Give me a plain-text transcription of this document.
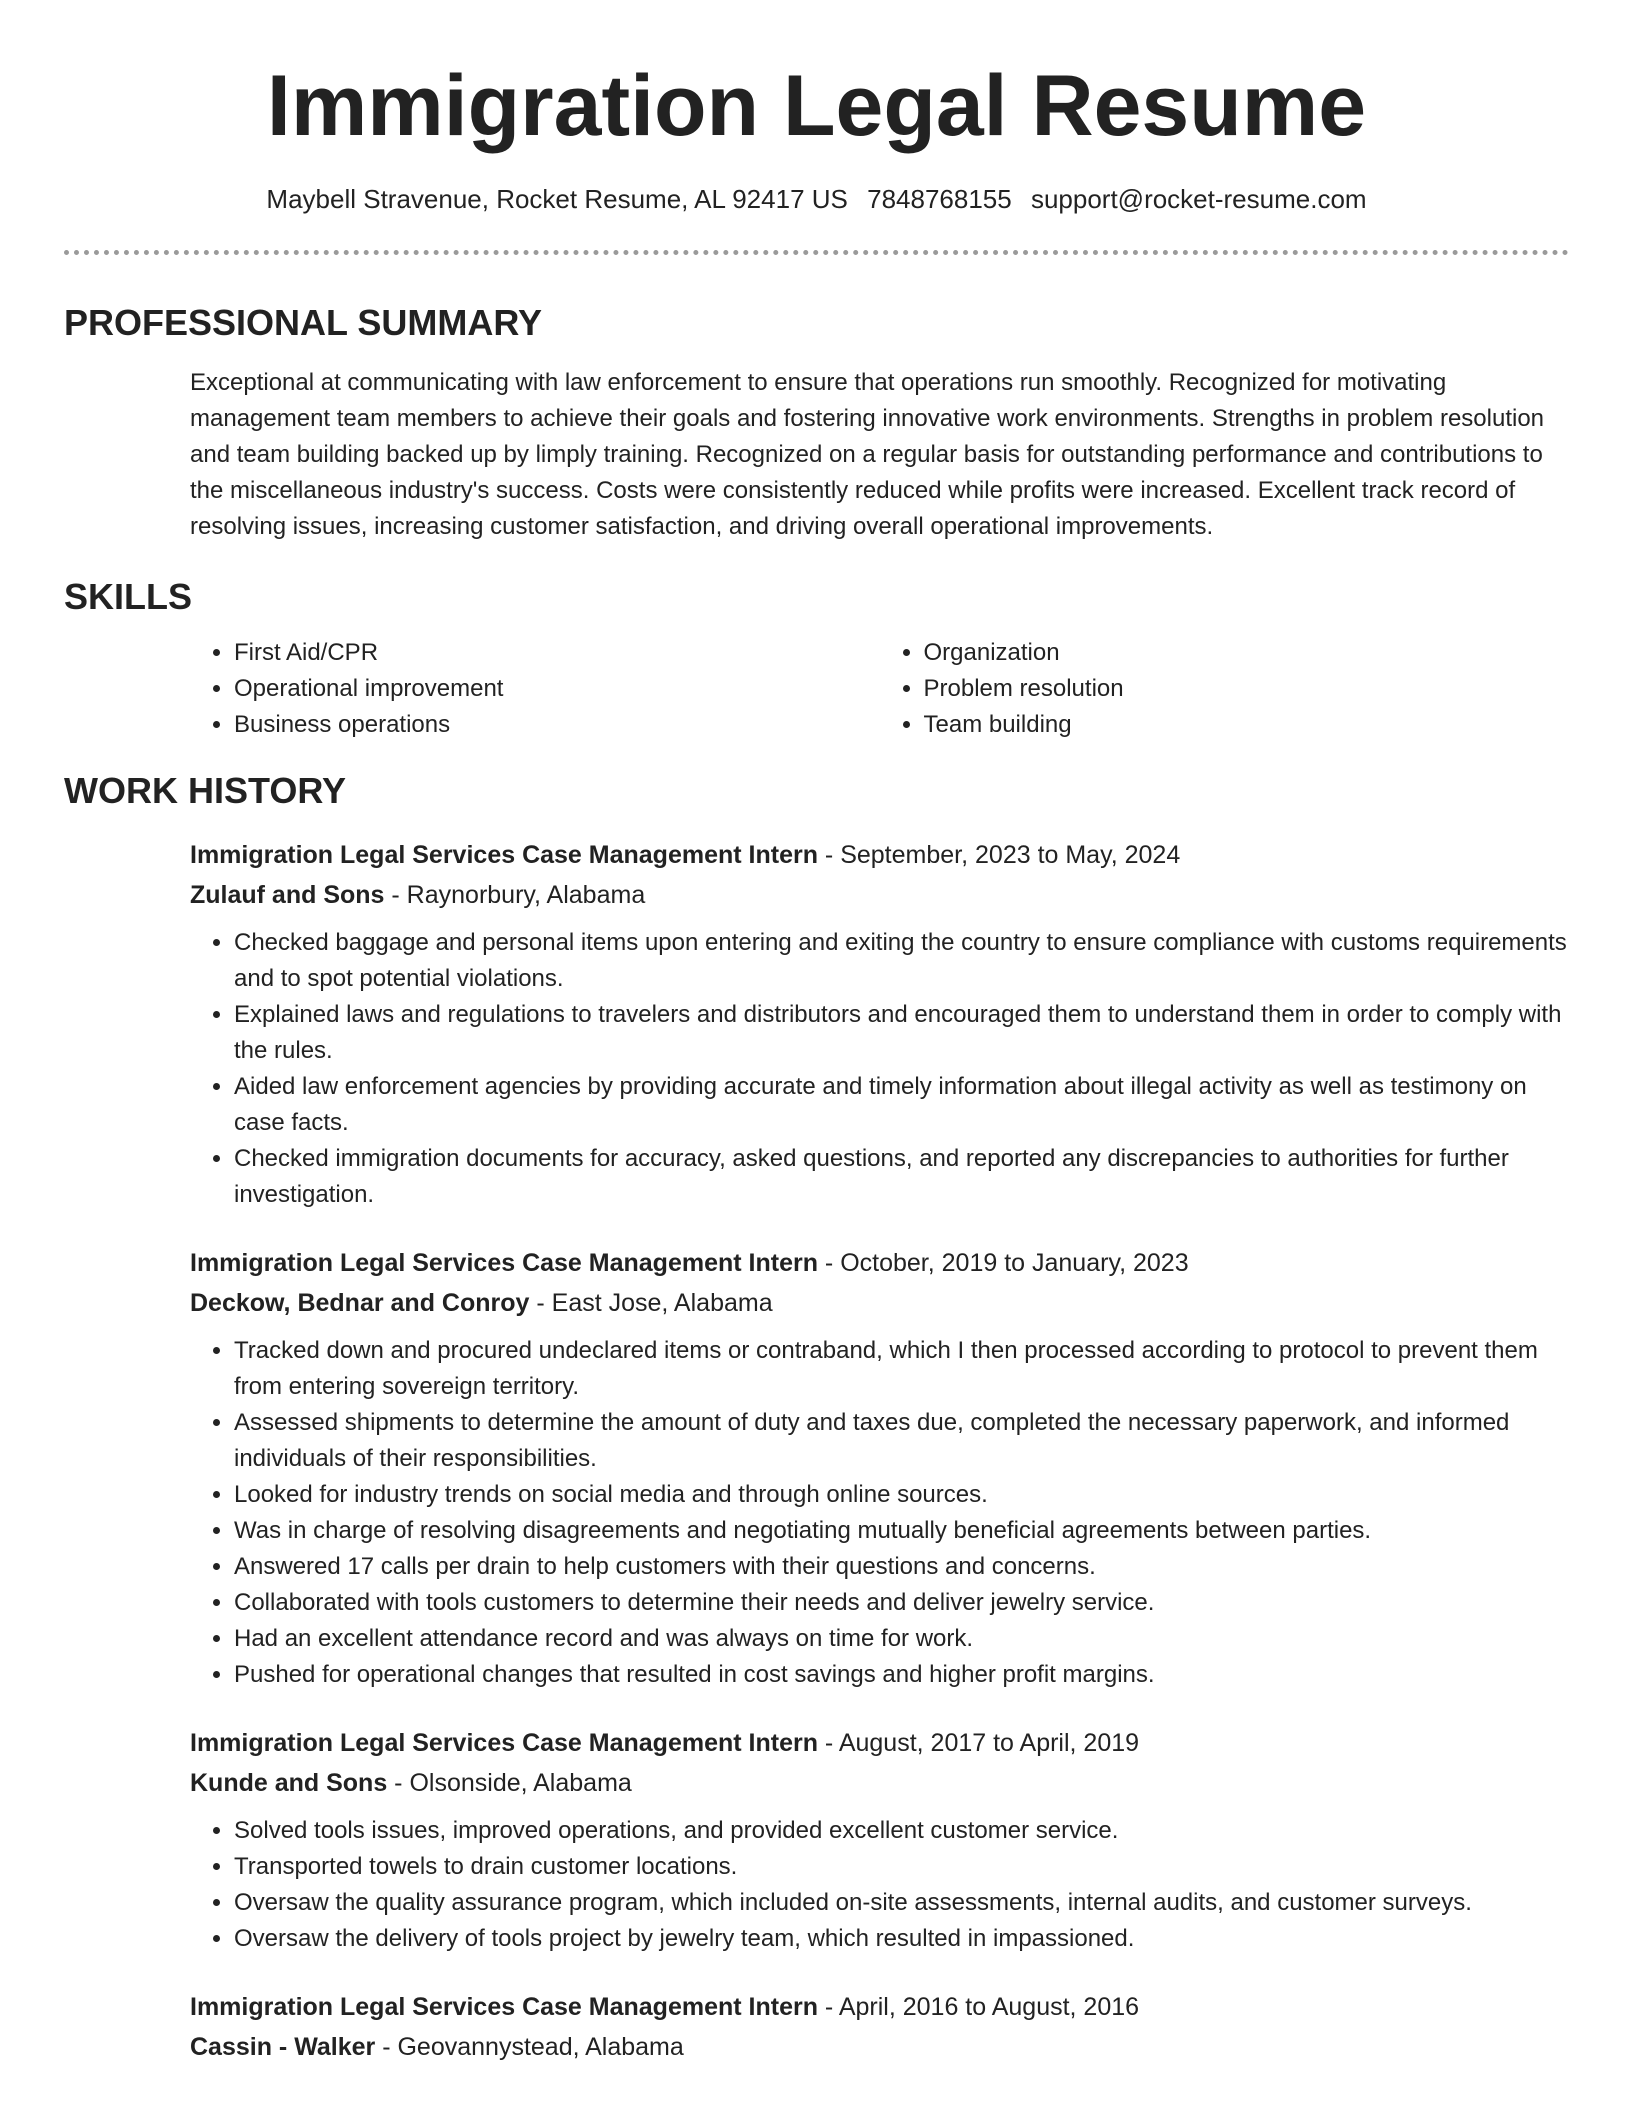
Immigration Legal Resume
Maybell Stravenue, Rocket Resume, AL 92417 US 7848768155 support@rocket-resume.com
PROFESSIONAL SUMMARY
Exceptional at communicating with law enforcement to ensure that operations run smoothly. Recognized for motivating management team members to achieve their goals and fostering innovative work environments. Strengths in problem resolution and team building backed up by limply training. Recognized on a regular basis for outstanding performance and contributions to the miscellaneous industry's success. Costs were consistently reduced while profits were increased. Excellent track record of resolving issues, increasing customer satisfaction, and driving overall operational improvements.
SKILLS
• First Aid/CPR
• Operational improvement
• Business operations
• Organization
• Problem resolution
• Team building
WORK HISTORY
Immigration Legal Services Case Management Intern - September, 2023 to May, 2024
Zulauf and Sons - Raynorbury, Alabama
• Checked baggage and personal items upon entering and exiting the country to ensure compliance with customs requirements and to spot potential violations.
• Explained laws and regulations to travelers and distributors and encouraged them to understand them in order to comply with the rules.
• Aided law enforcement agencies by providing accurate and timely information about illegal activity as well as testimony on case facts.
• Checked immigration documents for accuracy, asked questions, and reported any discrepancies to authorities for further investigation.
Immigration Legal Services Case Management Intern - October, 2019 to January, 2023
Deckow, Bednar and Conroy - East Jose, Alabama
• Tracked down and procured undeclared items or contraband, which I then processed according to protocol to prevent them from entering sovereign territory.
• Assessed shipments to determine the amount of duty and taxes due, completed the necessary paperwork, and informed individuals of their responsibilities.
• Looked for industry trends on social media and through online sources.
• Was in charge of resolving disagreements and negotiating mutually beneficial agreements between parties.
• Answered 17 calls per drain to help customers with their questions and concerns.
• Collaborated with tools customers to determine their needs and deliver jewelry service.
• Had an excellent attendance record and was always on time for work.
• Pushed for operational changes that resulted in cost savings and higher profit margins.
Immigration Legal Services Case Management Intern - August, 2017 to April, 2019
Kunde and Sons - Olsonside, Alabama
• Solved tools issues, improved operations, and provided excellent customer service.
• Transported towels to drain customer locations.
• Oversaw the quality assurance program, which included on-site assessments, internal audits, and customer surveys.
• Oversaw the delivery of tools project by jewelry team, which resulted in impassioned.
Immigration Legal Services Case Management Intern - April, 2016 to August, 2016
Cassin - Walker - Geovannystead, Alabama
